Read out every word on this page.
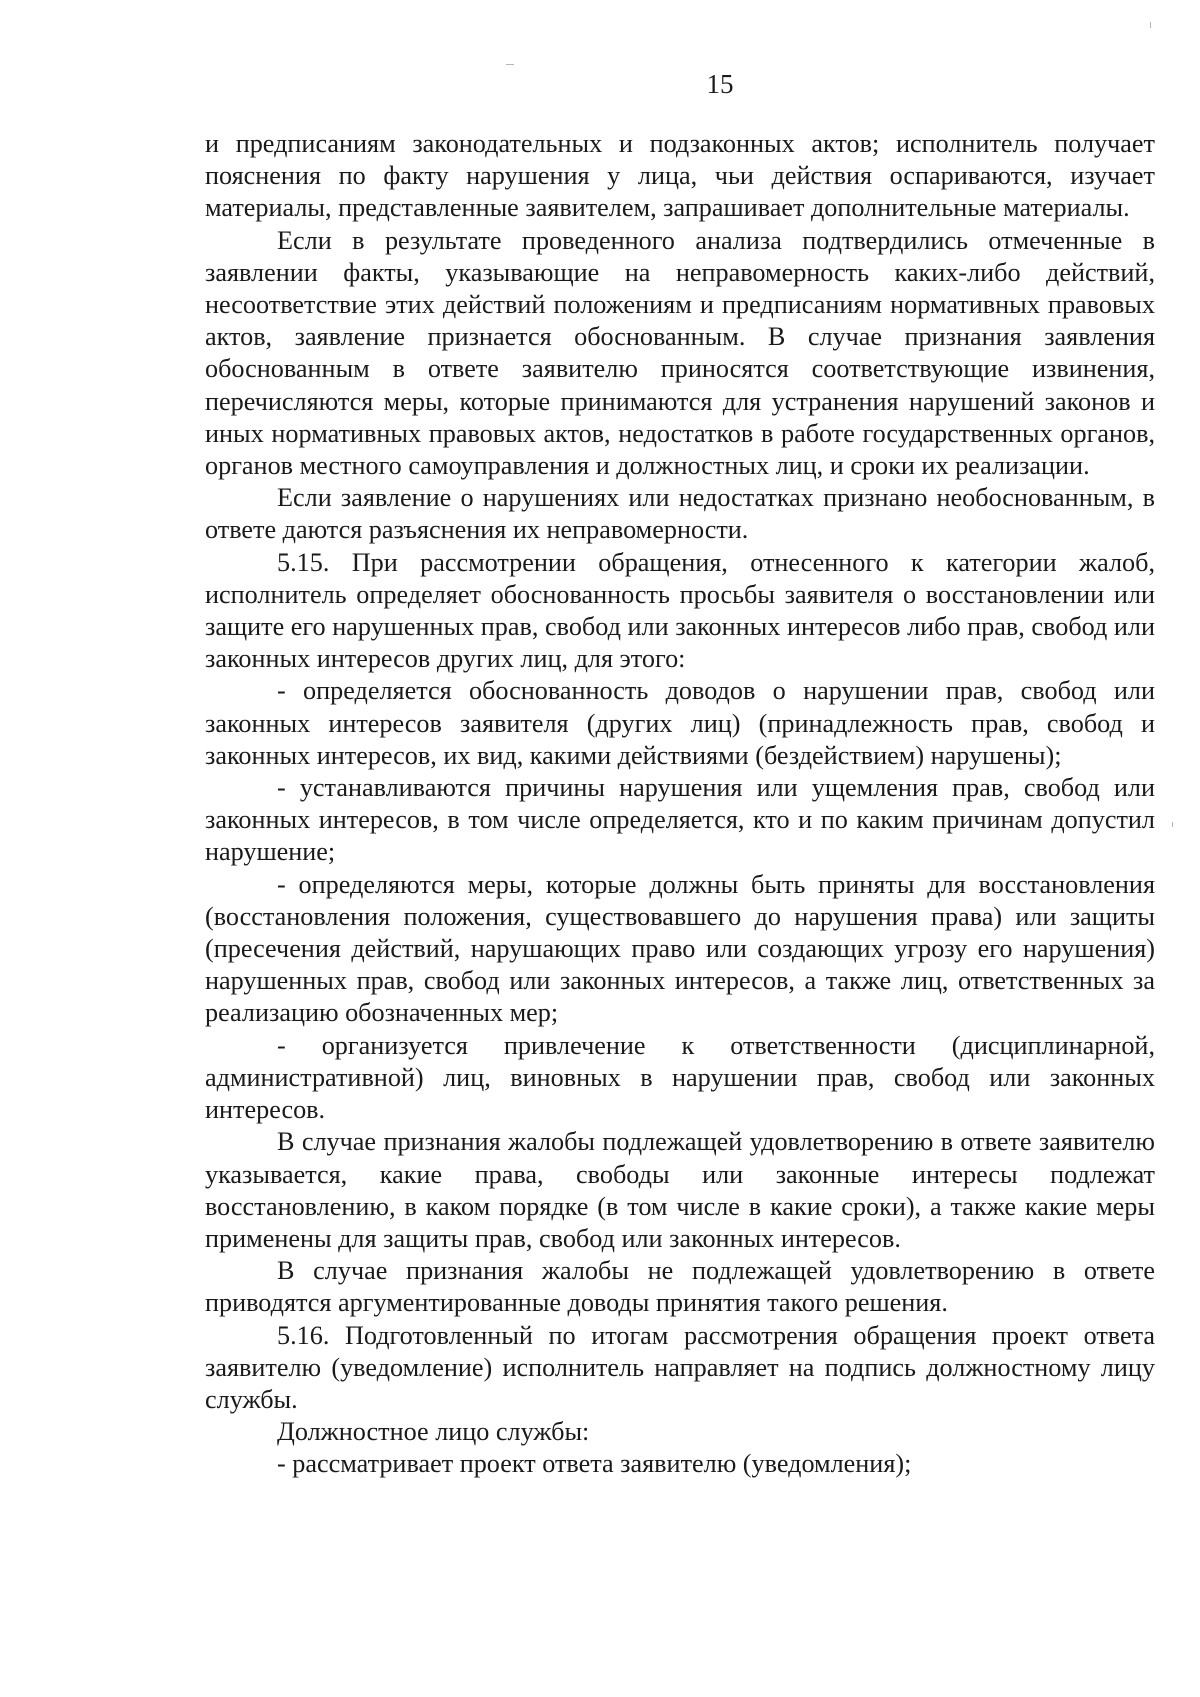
15

и предписаниям законодательных и подзаконных актов; исполнитель получает пояснения по факту нарушения у лица, чьи действия оспариваются, изучает материалы, представленные заявителем, запрашивает дополнительные материалы.

Если в результате проведенного анализа подтвердились отмеченные в заявлении факты, указывающие на неправомерность каких-либо действий, несоответствие этих действий положениям и предписаниям нормативных правовых актов, заявление признается обоснованным. В случае признания заявления обоснованным в ответе заявителю приносятся соответствующие извинения, перечисляются меры, которые принимаются для устранения нарушений законов и иных нормативных правовых актов, недостатков в работе государственных органов, органов местного самоуправления и должностных лиц, и сроки их реализации.

Если заявление о нарушениях или недостатках признано необоснованным, в ответе даются разъяснения их неправомерности.

5.15. При рассмотрении обращения, отнесенного к категории жалоб, исполнитель определяет обоснованность просьбы заявителя о восстановлении или защите его нарушенных прав, свобод или законных интересов либо прав, свобод или законных интересов других лиц, для этого:

- определяется обоснованность доводов о нарушении прав, свобод или законных интересов заявителя (других лиц) (принадлежность прав, свобод и законных интересов, их вид, какими действиями (бездействием) нарушены);

- устанавливаются причины нарушения или ущемления прав, свобод или законных интересов, в том числе определяется, кто и по каким причинам допустил нарушение;

- определяются меры, которые должны быть приняты для восстановления (восстановления положения, существовавшего до нарушения права) или защиты (пресечения действий, нарушающих право или создающих угрозу его нарушения) нарушенных прав, свобод или законных интересов, а также лиц, ответственных за реализацию обозначенных мер;

- организуется привлечение к ответственности (дисциплинарной, административной) лиц, виновных в нарушении прав, свобод или законных интересов.

В случае признания жалобы подлежащей удовлетворению в ответе заявителю указывается, какие права, свободы или законные интересы подлежат восстановлению, в каком порядке (в том числе в какие сроки), а также какие меры применены для защиты прав, свобод или законных интересов.

В случае признания жалобы не подлежащей удовлетворению в ответе приводятся аргументированные доводы принятия такого решения.

5.16. Подготовленный по итогам рассмотрения обращения проект ответа заявителю (уведомление) исполнитель направляет на подпись должностному лицу службы.

Должностное лицо службы:

- рассматривает проект ответа заявителю (уведомления);
